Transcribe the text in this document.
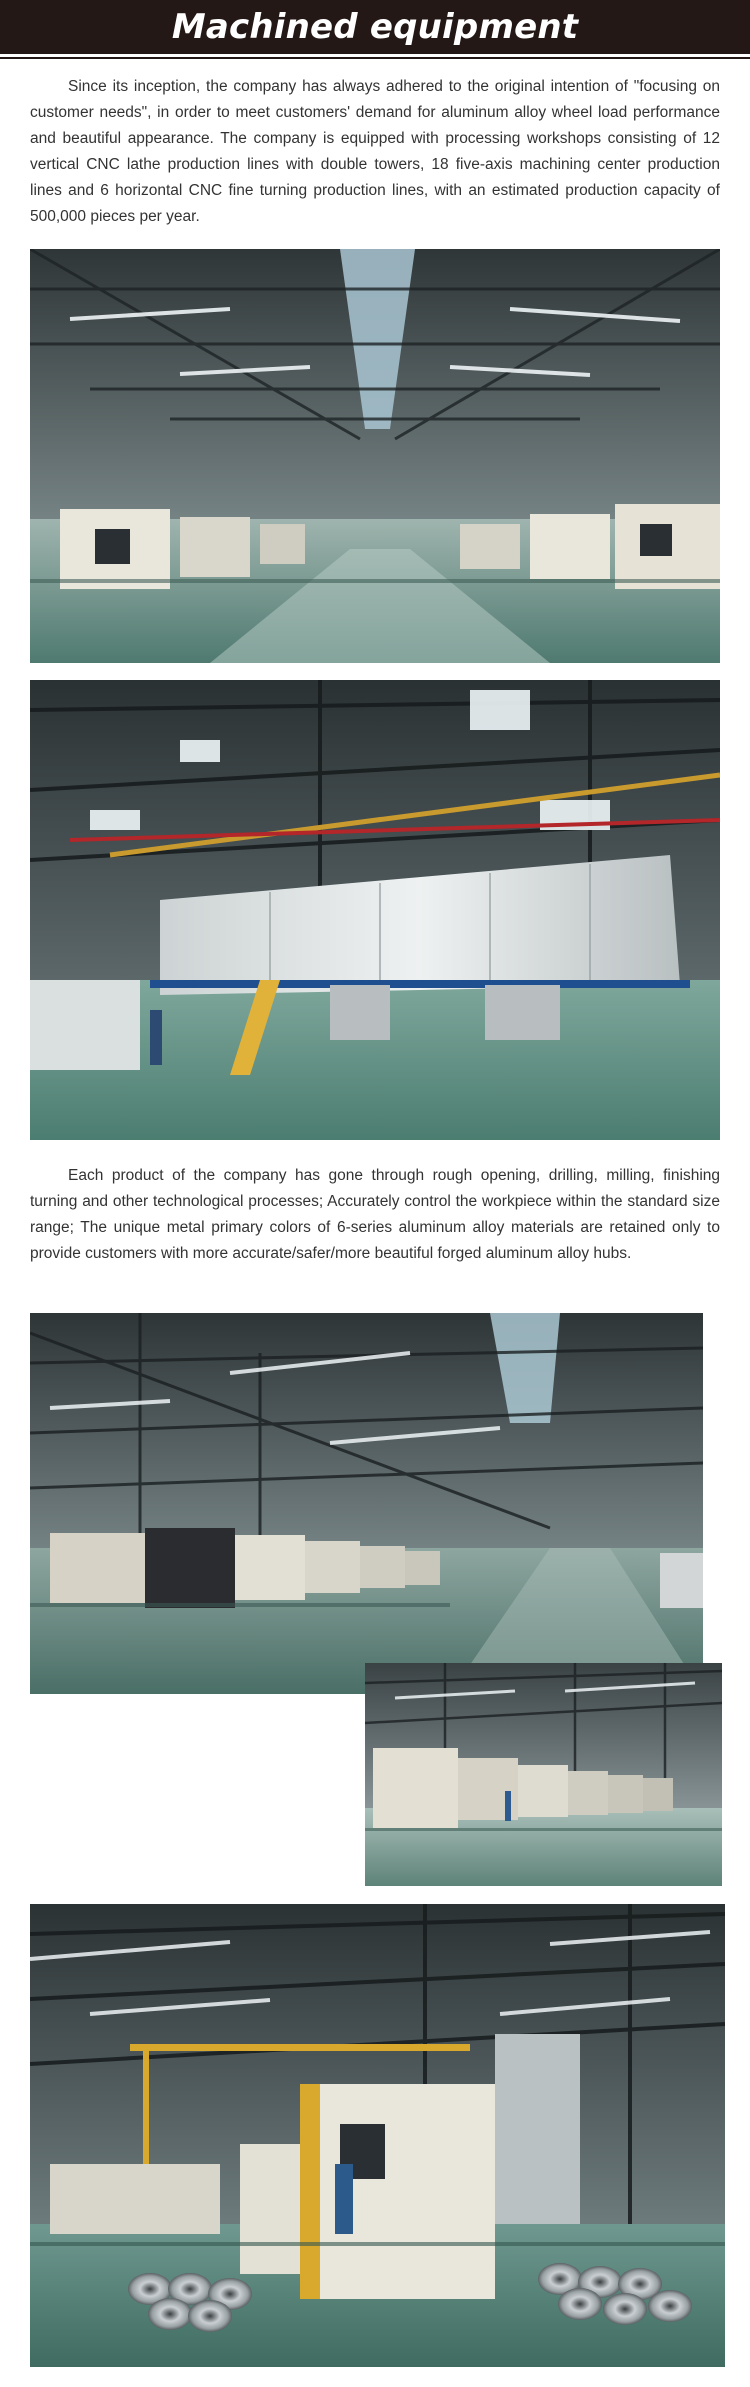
Machined equipment

Since its inception, the company has always adhered to the original intention of "focusing on customer needs", in order to meet customers' demand for aluminum alloy wheel load performance and beautiful appearance. The company is equipped with processing workshops consisting of 12 vertical CNC lathe production lines with double towers, 18 five-axis machining center production lines and 6 horizontal CNC fine turning production lines, with an estimated production capacity of 500,000 pieces per year.

Each product of the company has gone through rough opening, drilling, milling, finishing turning and other technological processes; Accurately control the workpiece within the standard size range; The unique metal primary colors of 6-series aluminum alloy materials are retained only to provide customers with more accurate/safer/more beautiful forged aluminum alloy hubs.
